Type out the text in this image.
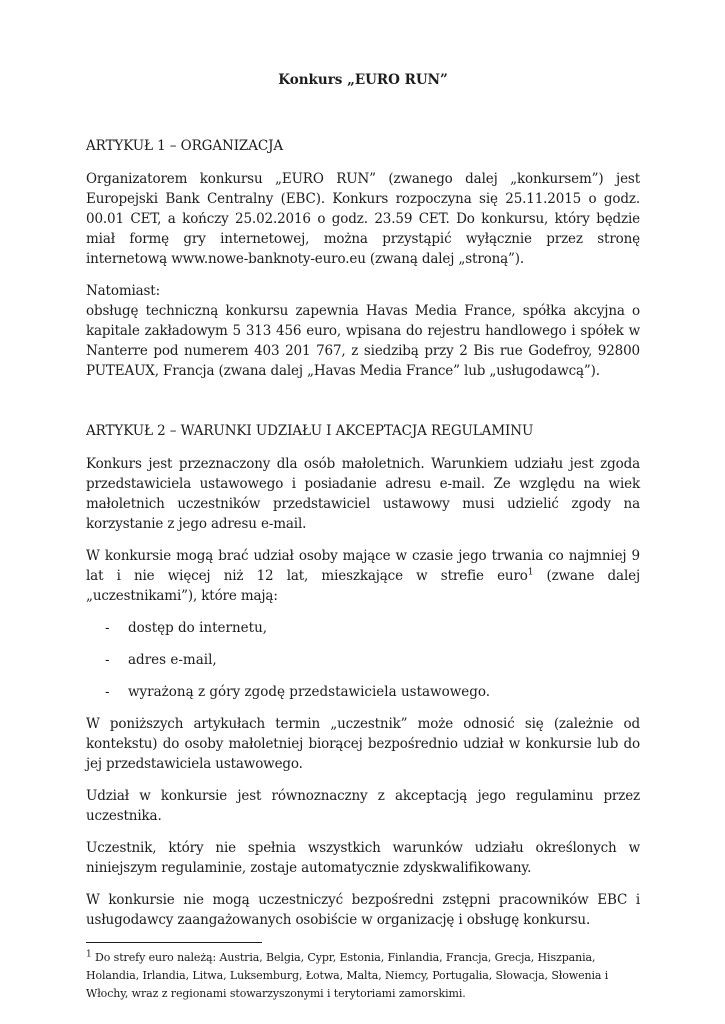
Konkurs „EURO RUN”
ARTYKUŁ 1 – ORGANIZACJA

Organizatorem konkursu „EURO RUN” (zwanego dalej „konkursem”) jest Europejski Bank Centralny (EBC). Konkurs rozpoczyna się 25.11.2015 o godz. 00.01 CET, a kończy 25.02.2016 o godz. 23.59 CET. Do konkursu, który będzie miał formę gry internetowej, można przystąpić wyłącznie przez stronę internetową www.nowe-banknoty-euro.eu (zwaną dalej „stroną”).

Natomiast:
obsługę techniczną konkursu zapewnia Havas Media France, spółka akcyjna o kapitale zakładowym 5 313 456 euro, wpisana do rejestru handlowego i spółek w Nanterre pod numerem 403 201 767, z siedzibą przy 2 Bis rue Godefroy, 92800 PUTEAUX, Francja (zwana dalej „Havas Media France” lub „usługodawcą”).

ARTYKUŁ 2 – WARUNKI UDZIAŁU I AKCEPTACJA REGULAMINU

Konkurs jest przeznaczony dla osób małoletnich. Warunkiem udziału jest zgoda przedstawiciela ustawowego i posiadanie adresu e-mail. Ze względu na wiek małoletnich uczestników przedstawiciel ustawowy musi udzielić zgody na korzystanie z jego adresu e-mail.

W konkursie mogą brać udział osoby mające w czasie jego trwania co najmniej 9 lat i nie więcej niż 12 lat, mieszkające w strefie euro$^1$ (zwane dalej „uczestnikami”), które mają:

- dostęp do internetu,
- adres e-mail,
- wyrażoną z góry zgodę przedstawiciela ustawowego.

W poniższych artykułach termin „uczestnik” może odnosić się (zależnie od kontekstu) do osoby małoletniej biorącej bezpośrednio udział w konkursie lub do jej przedstawiciela ustawowego.

Udział w konkursie jest równoznaczny z akceptacją jego regulaminu przez uczestnika.

Uczestnik, który nie spełnia wszystkich warunków udziału określonych w niniejszym regulaminie, zostaje automatycznie zdyskwalifikowany.

W konkursie nie mogą uczestniczyć bezpośredni zstępni pracowników EBC i usługodawcy zaangażowanych osobiście w organizację i obsługę konkursu.

$^1$ Do strefy euro należą: Austria, Belgia, Cypr, Estonia, Finlandia, Francja, Grecja, Hiszpania, Holandia, Irlandia, Litwa, Luksemburg, Łotwa, Malta, Niemcy, Portugalia, Słowacja, Słowenia i Włochy, wraz z regionami stowarzyszonymi i terytoriami zamorskimi.
